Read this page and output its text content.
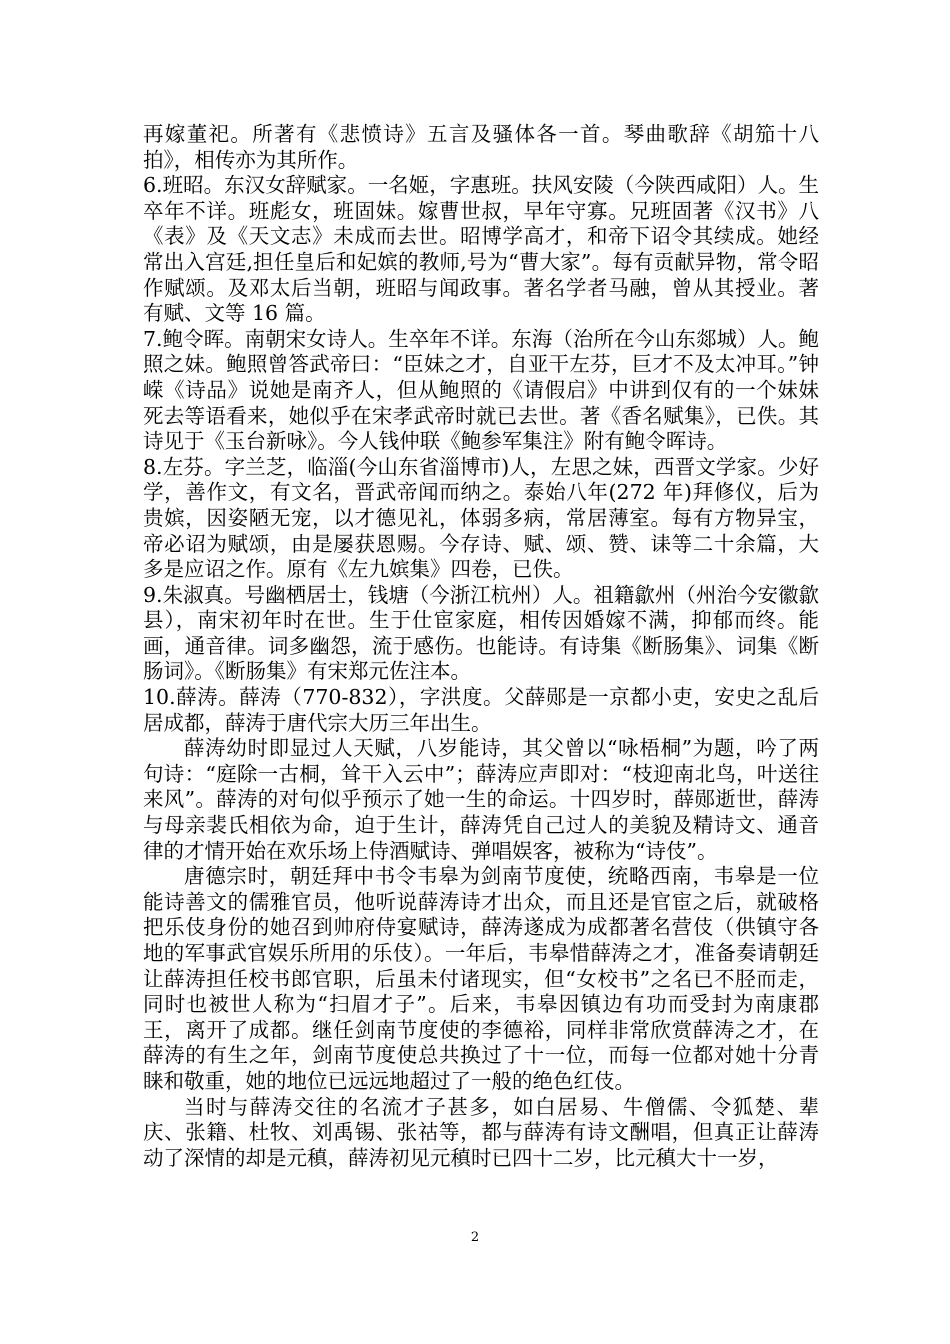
再嫁董祀。所著有《悲愤诗》五言及骚体各一首。琴曲歌辞《胡笳十八拍》，相传亦为其所作。

6.班昭。东汉女辞赋家。一名姬，字惠班。扶风安陵（今陕西咸阳）人。生卒年不详。班彪女，班固妹。嫁曹世叔，早年守寡。兄班固著《汉书》八《表》及《天文志》未成而去世。昭博学高才，和帝下诏令其续成。她经常出入宫廷,担任皇后和妃嫔的教师,号为“曹大家”。每有贡献异物，常令昭作赋颂。及邓太后当朝，班昭与闻政事。著名学者马融，曾从其授业。著有赋、文等 16 篇。

7.鲍令晖。南朝宋女诗人。生卒年不详。东海（治所在今山东郯城）人。鲍照之妹。鲍照曾答武帝曰：“臣妹之才，自亚干左芬，巨才不及太冲耳。”钟嵘《诗品》说她是南齐人，但从鲍照的《请假启》中讲到仅有的一个妹妹死去等语看来，她似乎在宋孝武帝时就已去世。著《香名赋集》，已佚。其诗见于《玉台新咏》。今人钱仲联《鲍参军集注》附有鲍令晖诗。

8.左芬。字兰芝，临淄(今山东省淄博市)人，左思之妹，西晋文学家。少好学，善作文，有文名，晋武帝闻而纳之。泰始八年(272 年)拜修仪，后为贵嫔，因姿陋无宠，以才德见礼，体弱多病，常居薄室。每有方物异宝，帝必诏为赋颂，由是屡获恩赐。今存诗、赋、颂、赞、诔等二十余篇，大多是应诏之作。原有《左九嫔集》四卷，已佚。

9.朱淑真。号幽栖居士，钱塘（今浙江杭州）人。祖籍歙州（州治今安徽歙县），南宋初年时在世。生于仕宦家庭，相传因婚嫁不满，抑郁而终。能画，通音律。词多幽怨，流于感伤。也能诗。有诗集《断肠集》、词集《断肠词》。《断肠集》有宋郑元佐注本。

10.薛涛。薛涛（770-832），字洪度。父薛郧是一京都小吏，安史之乱后居成都，薛涛于唐代宗大历三年出生。

薛涛幼时即显过人天赋，八岁能诗，其父曾以“咏梧桐”为题，吟了两句诗：“庭除一古桐，耸干入云中”；薛涛应声即对：“枝迎南北鸟，叶送往来风”。薛涛的对句似乎预示了她一生的命运。十四岁时，薛郧逝世，薛涛与母亲裴氏相依为命，迫于生计，薛涛凭自己过人的美貌及精诗文、通音律的才情开始在欢乐场上侍酒赋诗、弹唱娱客，被称为“诗伎”。

唐德宗时，朝廷拜中书令韦皋为剑南节度使，统略西南，韦皋是一位能诗善文的儒雅官员，他听说薛涛诗才出众，而且还是官宦之后，就破格把乐伎身份的她召到帅府侍宴赋诗，薛涛遂成为成都著名营伎（供镇守各地的军事武官娱乐所用的乐伎）。一年后，韦皋惜薛涛之才，准备奏请朝廷让薛涛担任校书郎官职，后虽未付诸现实，但“女校书”之名已不胫而走，同时也被世人称为“扫眉才子”。后来，韦皋因镇边有功而受封为南康郡王，离开了成都。继任剑南节度使的李德裕，同样非常欣赏薛涛之才，在薛涛的有生之年，剑南节度使总共换过了十一位，而每一位都对她十分青睐和敬重，她的地位已远远地超过了一般的绝色红伎。

当时与薛涛交往的名流才子甚多，如白居易、牛僧儒、令狐楚、辈庆、张籍、杜牧、刘禹锡、张祜等，都与薛涛有诗文酬唱，但真正让薛涛动了深情的却是元稹，薛涛初见元稹时已四十二岁，比元稹大十一岁，

2
